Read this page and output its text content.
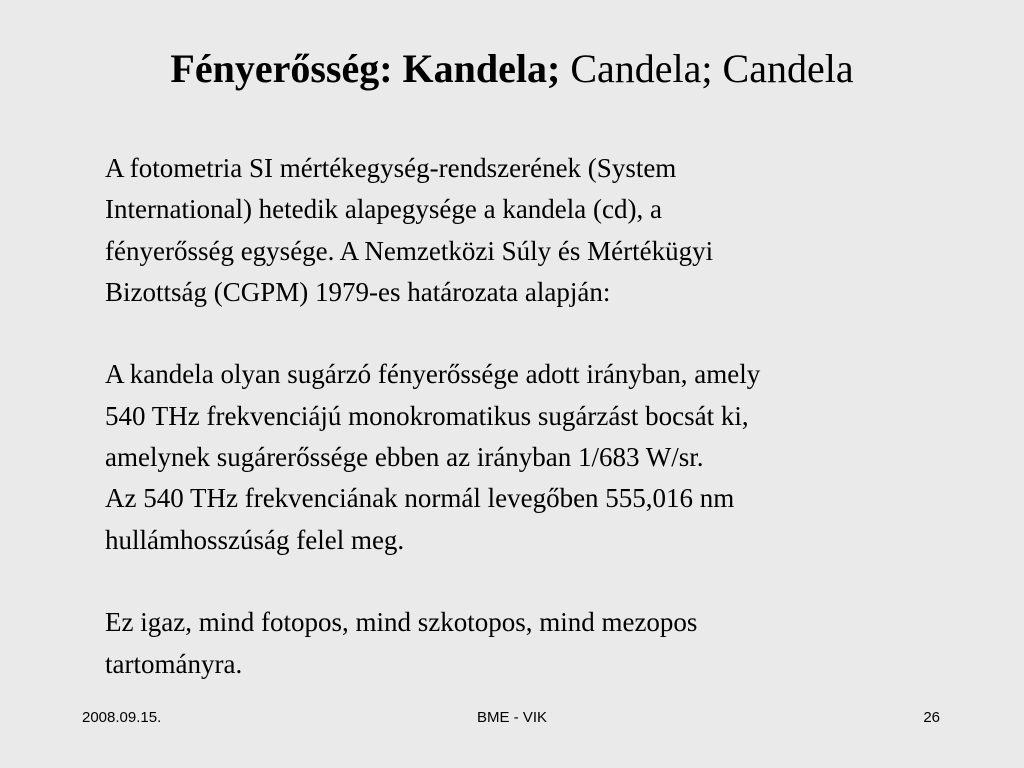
Fényerősség: Kandela; Candela; Candela

A fotometria SI mértékegység-rendszerének (System

International) hetedik alapegysége a kandela (cd), a

fényerősség egysége. A Nemzetközi Súly és Mértékügyi

Bizottság (CGPM) 1979-es határozata alapján:

A kandela olyan sugárzó fényerőssége adott irányban, amely

540 THz frekvenciájú monokromatikus sugárzást bocsát ki,

amelynek sugárerőssége ebben az irányban 1/683 W/sr.

Az 540 THz frekvenciának normál levegőben 555,016 nm

hullámhosszúság felel meg.

Ez igaz, mind fotopos, mind szkotopos, mind mezopos

tartományra.

2008.09.15.	BME - VIK	26
